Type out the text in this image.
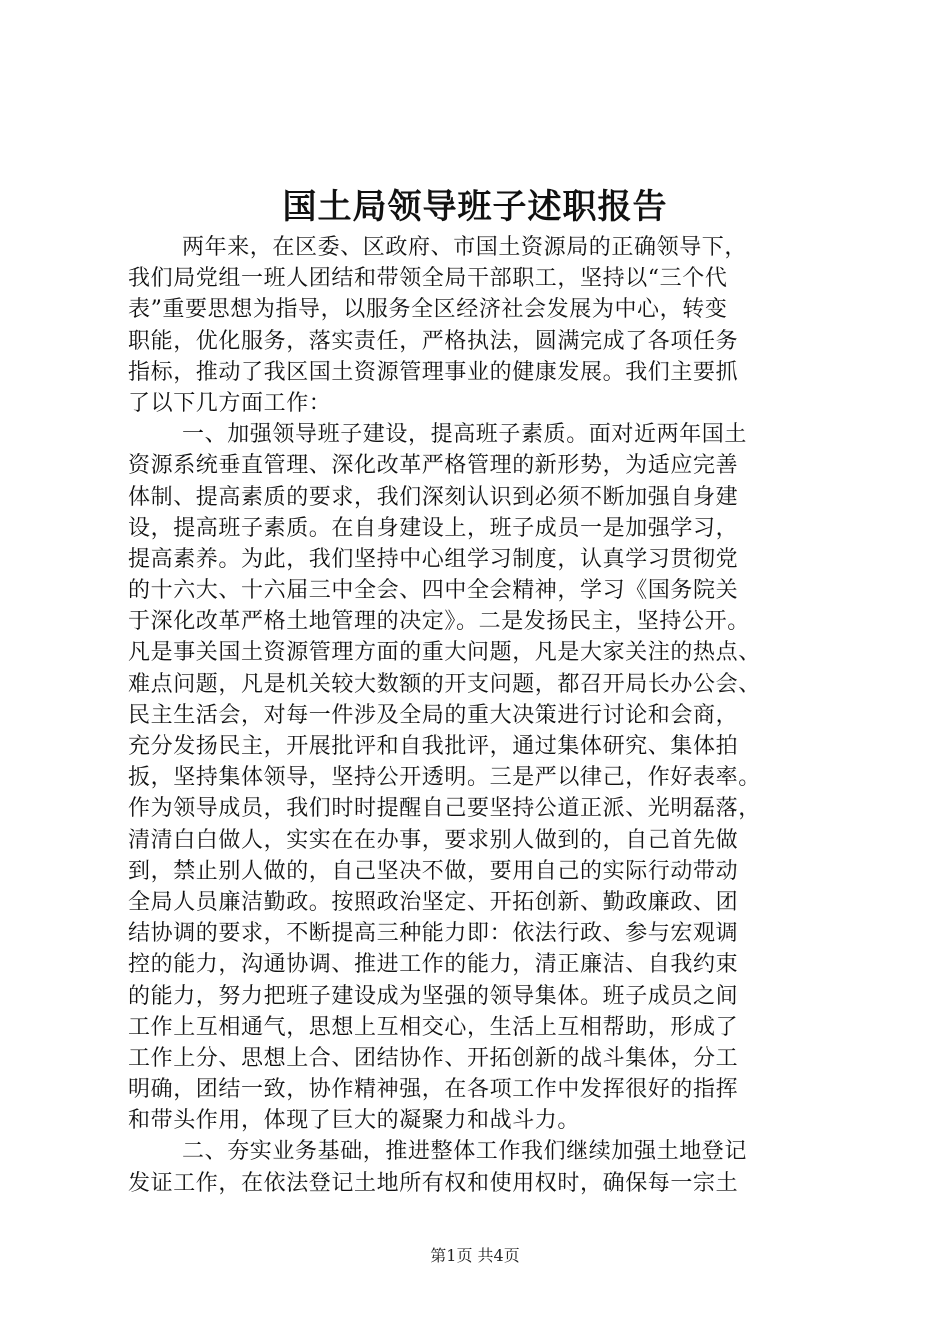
国土局领导班子述职报告
两年来，在区委、区政府、市国土资源局的正确领导下，
我们局党组一班人团结和带领全局干部职工，坚持以“三个代
表”重要思想为指导，以服务全区经济社会发展为中心，转变
职能，优化服务，落实责任，严格执法，圆满完成了各项任务
指标，推动了我区国土资源管理事业的健康发展。我们主要抓
了以下几方面工作：
一、加强领导班子建设，提高班子素质。面对近两年国土
资源系统垂直管理、深化改革严格管理的新形势，为适应完善
体制、提高素质的要求，我们深刻认识到必须不断加强自身建
设，提高班子素质。在自身建设上，班子成员一是加强学习，
提高素养。为此，我们坚持中心组学习制度，认真学习贯彻党
的十六大、十六届三中全会、四中全会精神，学习《国务院关
于深化改革严格土地管理的决定》。二是发扬民主，坚持公开。
凡是事关国土资源管理方面的重大问题，凡是大家关注的热点、
难点问题，凡是机关较大数额的开支问题，都召开局长办公会、
民主生活会，对每一件涉及全局的重大决策进行讨论和会商，
充分发扬民主，开展批评和自我批评，通过集体研究、集体拍
扳，坚持集体领导，坚持公开透明。三是严以律己，作好表率。
作为领导成员，我们时时提醒自己要坚持公道正派、光明磊落，
清清白白做人，实实在在办事，要求别人做到的，自己首先做
到，禁止别人做的，自己坚决不做，要用自己的实际行动带动
全局人员廉洁勤政。按照政治坚定、开拓创新、勤政廉政、团
结协调的要求，不断提高三种能力即：依法行政、参与宏观调
控的能力，沟通协调、推进工作的能力，清正廉洁、自我约束
的能力，努力把班子建设成为坚强的领导集体。班子成员之间
工作上互相通气，思想上互相交心，生活上互相帮助，形成了
工作上分、思想上合、团结协作、开拓创新的战斗集体，分工
明确，团结一致，协作精神强，在各项工作中发挥很好的指挥
和带头作用，体现了巨大的凝聚力和战斗力。
二、夯实业务基础，推进整体工作我们继续加强土地登记
发证工作，在依法登记土地所有权和使用权时，确保每一宗土
第1页 共4页
